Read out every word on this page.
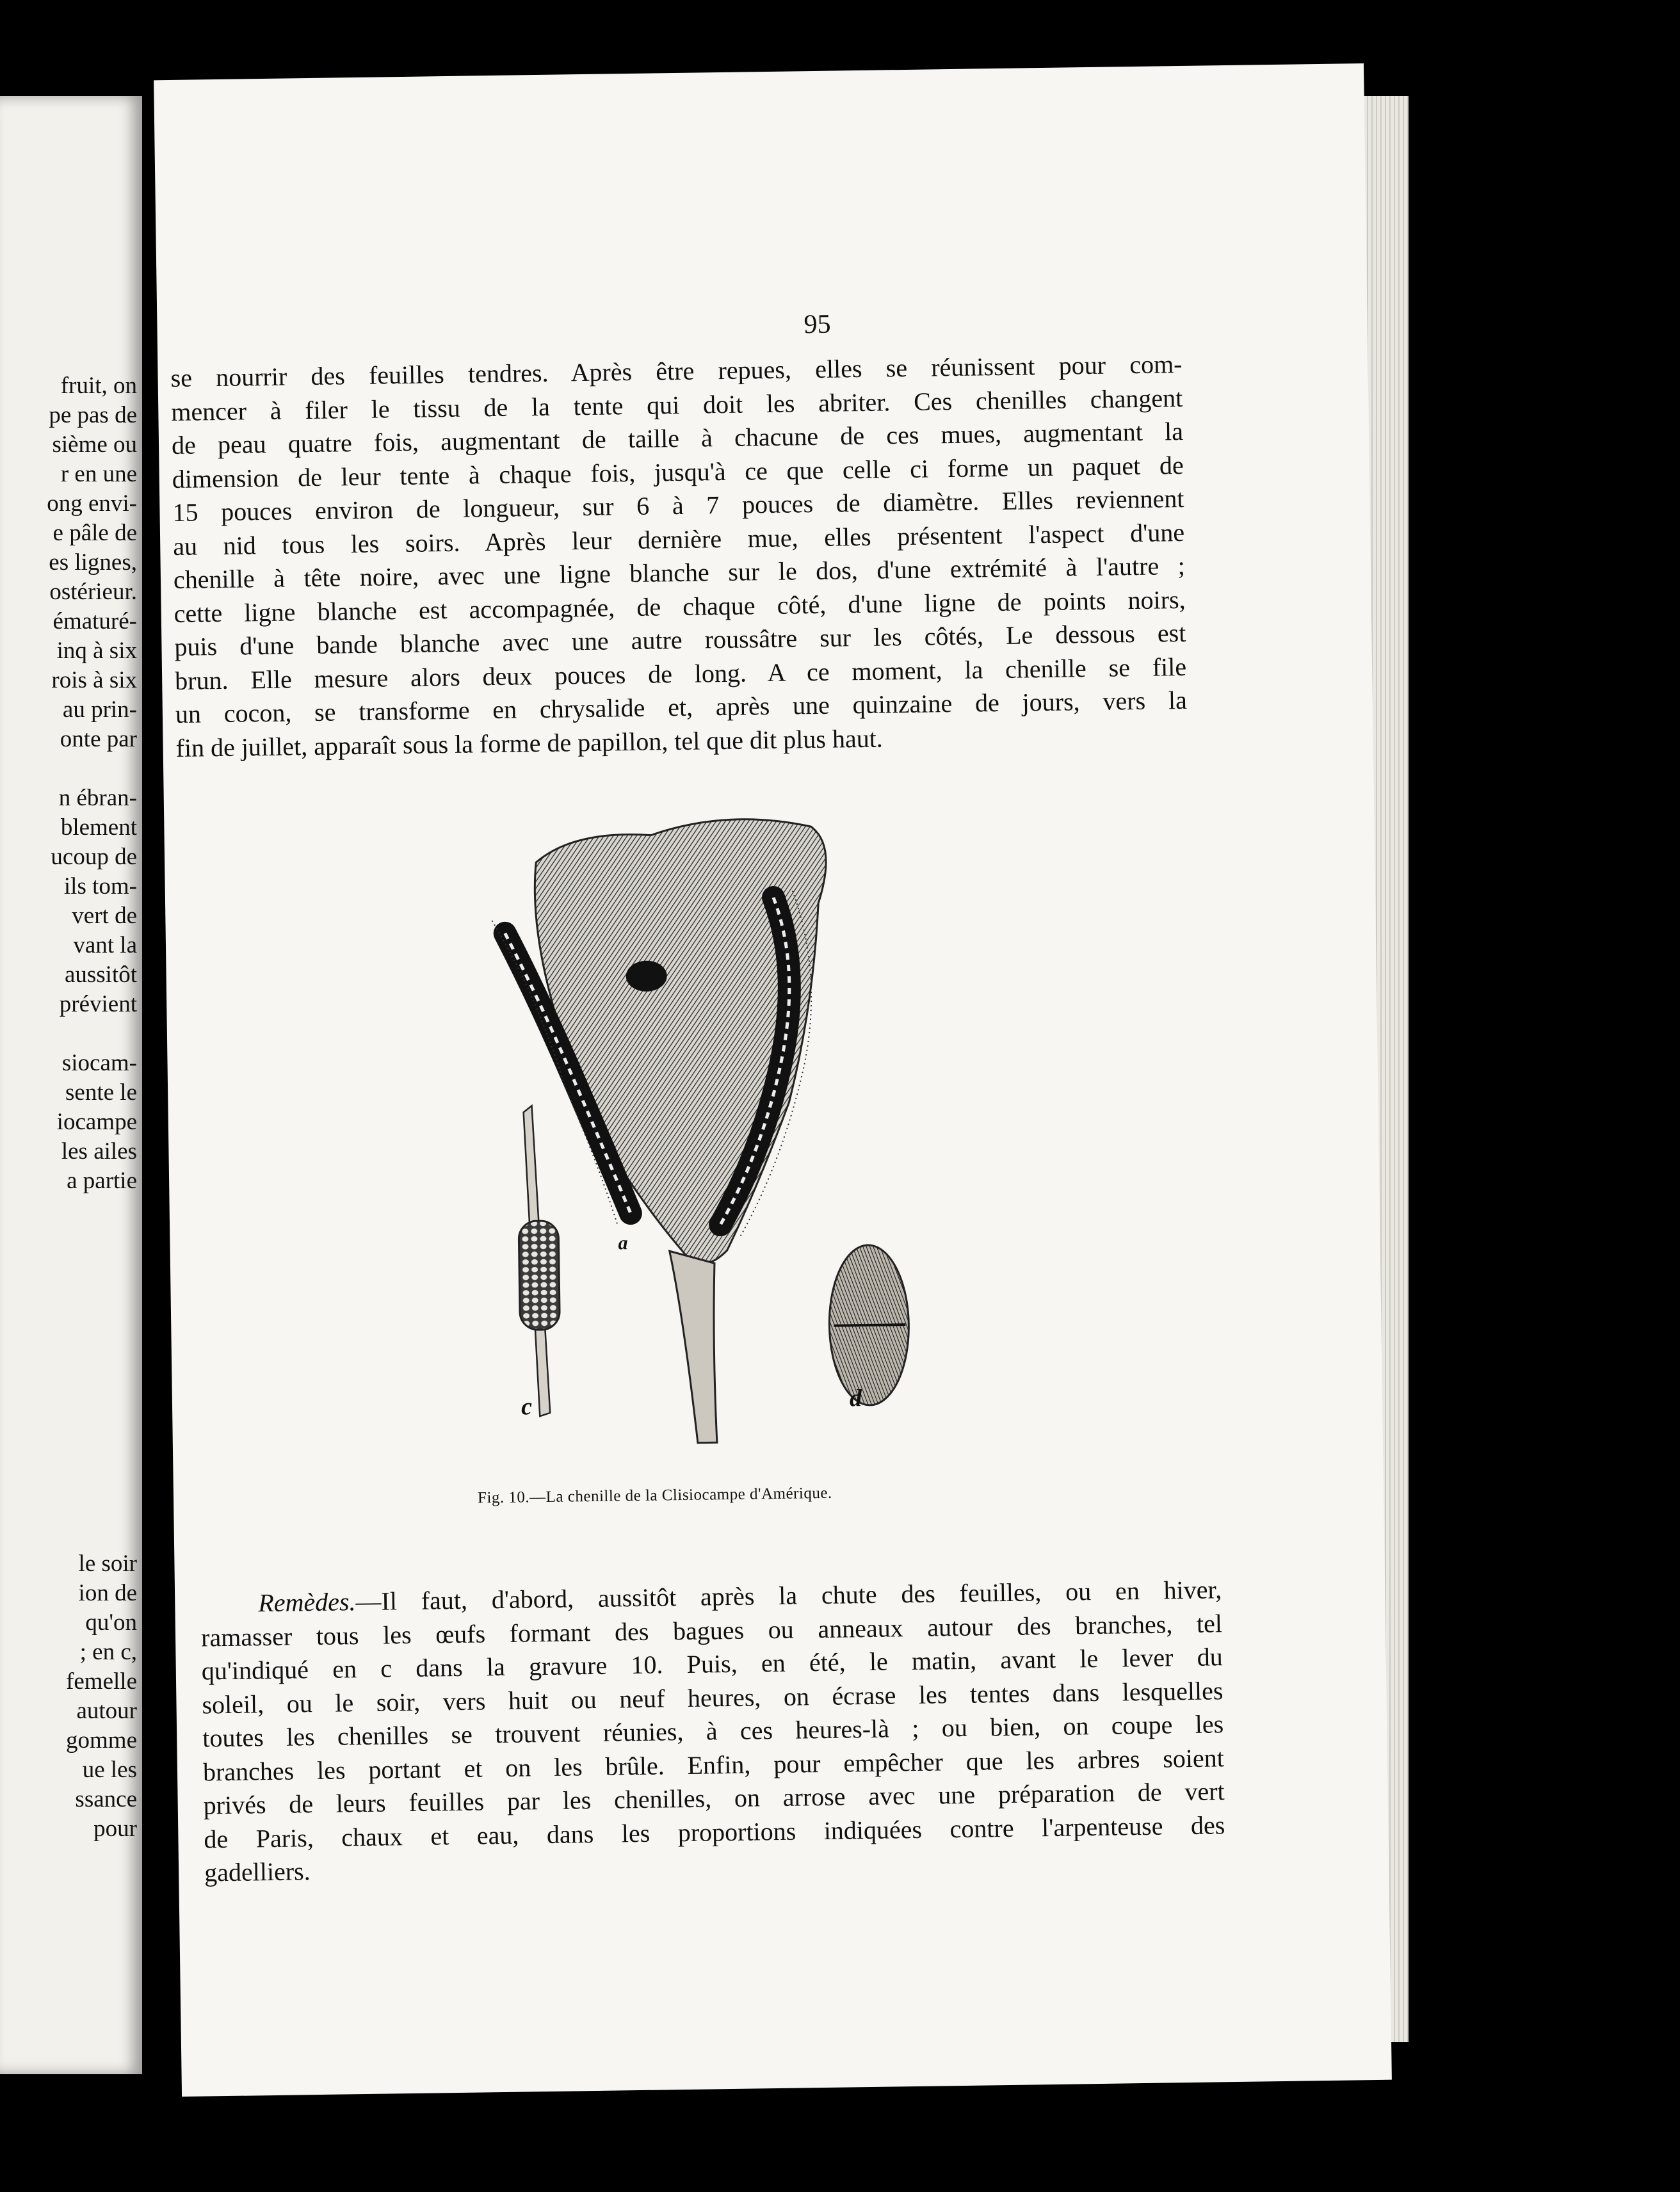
fruit, on
pe pas de
sième ou
r en une
ong envi-
e pâle de
es lignes,
ostérieur.
ématuré-
inq à six
rois à six
au prin-
onte par
n ébran-
blement
ucoup de
ils tom-
vert de
vant la
aussitôt
prévient
siocam-
sente le
iocampe
les ailes
a partie
le soir
ion de
qu'on
; en c,
femelle
autour
gomme
ue les
ssance
pour
95
se nourrir des feuilles tendres. Après être repues, elles se réunissent pour com-
mencer à filer le tissu de la tente qui doit les abriter. Ces chenilles changent
de peau quatre fois, augmentant de taille à chacune de ces mues, augmentant la
dimension de leur tente à chaque fois, jusqu'à ce que celle ci forme un paquet de
15 pouces environ de longueur, sur 6 à 7 pouces de diamètre. Elles reviennent
au nid tous les soirs. Après leur dernière mue, elles présentent l'aspect d'une
chenille à tête noire, avec une ligne blanche sur le dos, d'une extrémité à l'autre ;
cette ligne blanche est accompagnée, de chaque côté, d'une ligne de points noirs,
puis d'une bande blanche avec une autre roussâtre sur les côtés, Le dessous est
brun. Elle mesure alors deux pouces de long. A ce moment, la chenille se file
un cocon, se transforme en chrysalide et, après une quinzaine de jours, vers la
fin de juillet, apparaît sous la forme de papillon, tel que dit plus haut.
a
c	d
Fig. 10.—La chenille de la Clisiocampe d'Amérique.
Remèdes.—Il faut, d'abord, aussitôt après la chute des feuilles, ou en hiver,
ramasser tous les œufs formant des bagues ou anneaux autour des branches, tel
qu'indiqué en c dans la gravure 10. Puis, en été, le matin, avant le lever du
soleil, ou le soir, vers huit ou neuf heures, on écrase les tentes dans lesquelles
toutes les chenilles se trouvent réunies, à ces heures-là ; ou bien, on coupe les
branches les portant et on les brûle. Enfin, pour empêcher que les arbres soient
privés de leurs feuilles par les chenilles, on arrose avec une préparation de vert
de Paris, chaux et eau, dans les proportions indiquées contre l'arpenteuse des
gadelliers.
